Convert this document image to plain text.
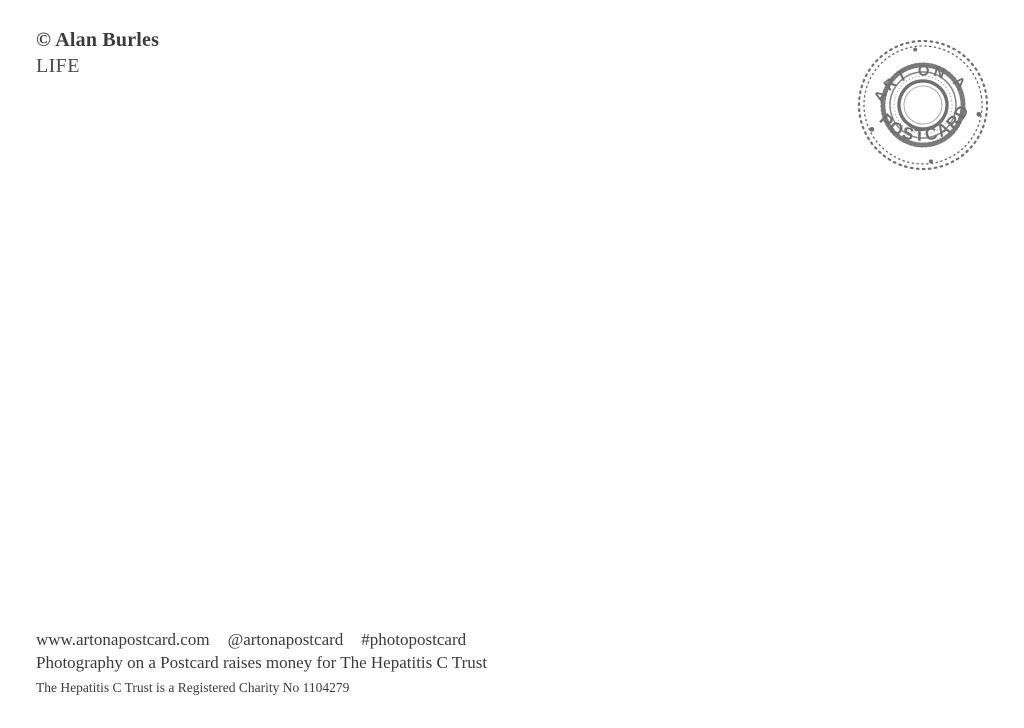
© Alan Burles

LIFE

ART ON A
POSTCARD

www.artonapostcard.com @artonapostcard #photopostcard

Photography on a Postcard raises money for The Hepatitis C Trust

The Hepatitis C Trust is a Registered Charity No 1104279
